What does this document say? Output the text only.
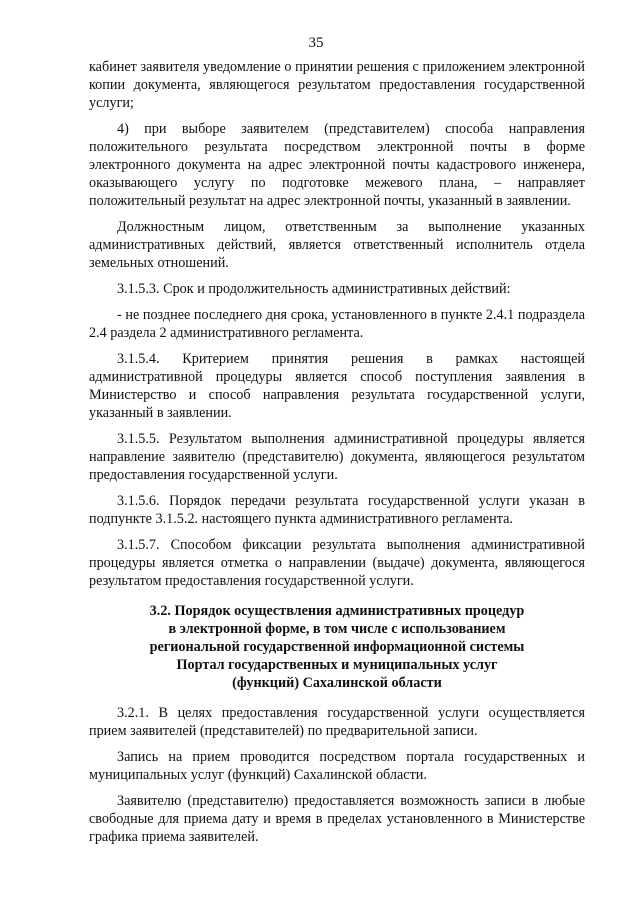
35

кабинет заявителя уведомление о принятии решения с приложением электронной копии документа, являющегося результатом предоставления государственной услуги;

4) при выборе заявителем (представителем) способа направления положительного результата посредством электронной почты в форме электронного документа на адрес электронной почты кадастрового инженера, оказывающего услугу по подготовке межевого плана, – направляет положительный результат на адрес электронной почты, указанный в заявлении.

Должностным лицом, ответственным за выполнение указанных административных действий, является ответственный исполнитель отдела земельных отношений.

3.1.5.3. Срок и продолжительность административных действий:

- не позднее последнего дня срока, установленного в пункте 2.4.1 подраздела 2.4 раздела 2 административного регламента.

3.1.5.4. Критерием принятия решения в рамках настоящей административной процедуры является способ поступления заявления в Министерство и способ направления результата государственной услуги, указанный в заявлении.

3.1.5.5. Результатом выполнения административной процедуры является направление заявителю (представителю) документа, являющегося результатом предоставления государственной услуги.

3.1.5.6. Порядок передачи результата государственной услуги указан в подпункте 3.1.5.2. настоящего пункта административного регламента.

3.1.5.7. Способом фиксации результата выполнения административной процедуры является отметка о направлении (выдаче) документа, являющегося результатом предоставления государственной услуги.

3.2. Порядок осуществления административных процедур
в электронной форме, в том числе с использованием
региональной государственной информационной системы
Портал государственных и муниципальных услуг
(функций) Сахалинской области

3.2.1. В целях предоставления государственной услуги осуществляется прием заявителей (представителей) по предварительной записи.

Запись на прием проводится посредством портала государственных и муниципальных услуг (функций) Сахалинской области.

Заявителю (представителю) предоставляется возможность записи в любые свободные для приема дату и время в пределах установленного в Министерстве графика приема заявителей.
